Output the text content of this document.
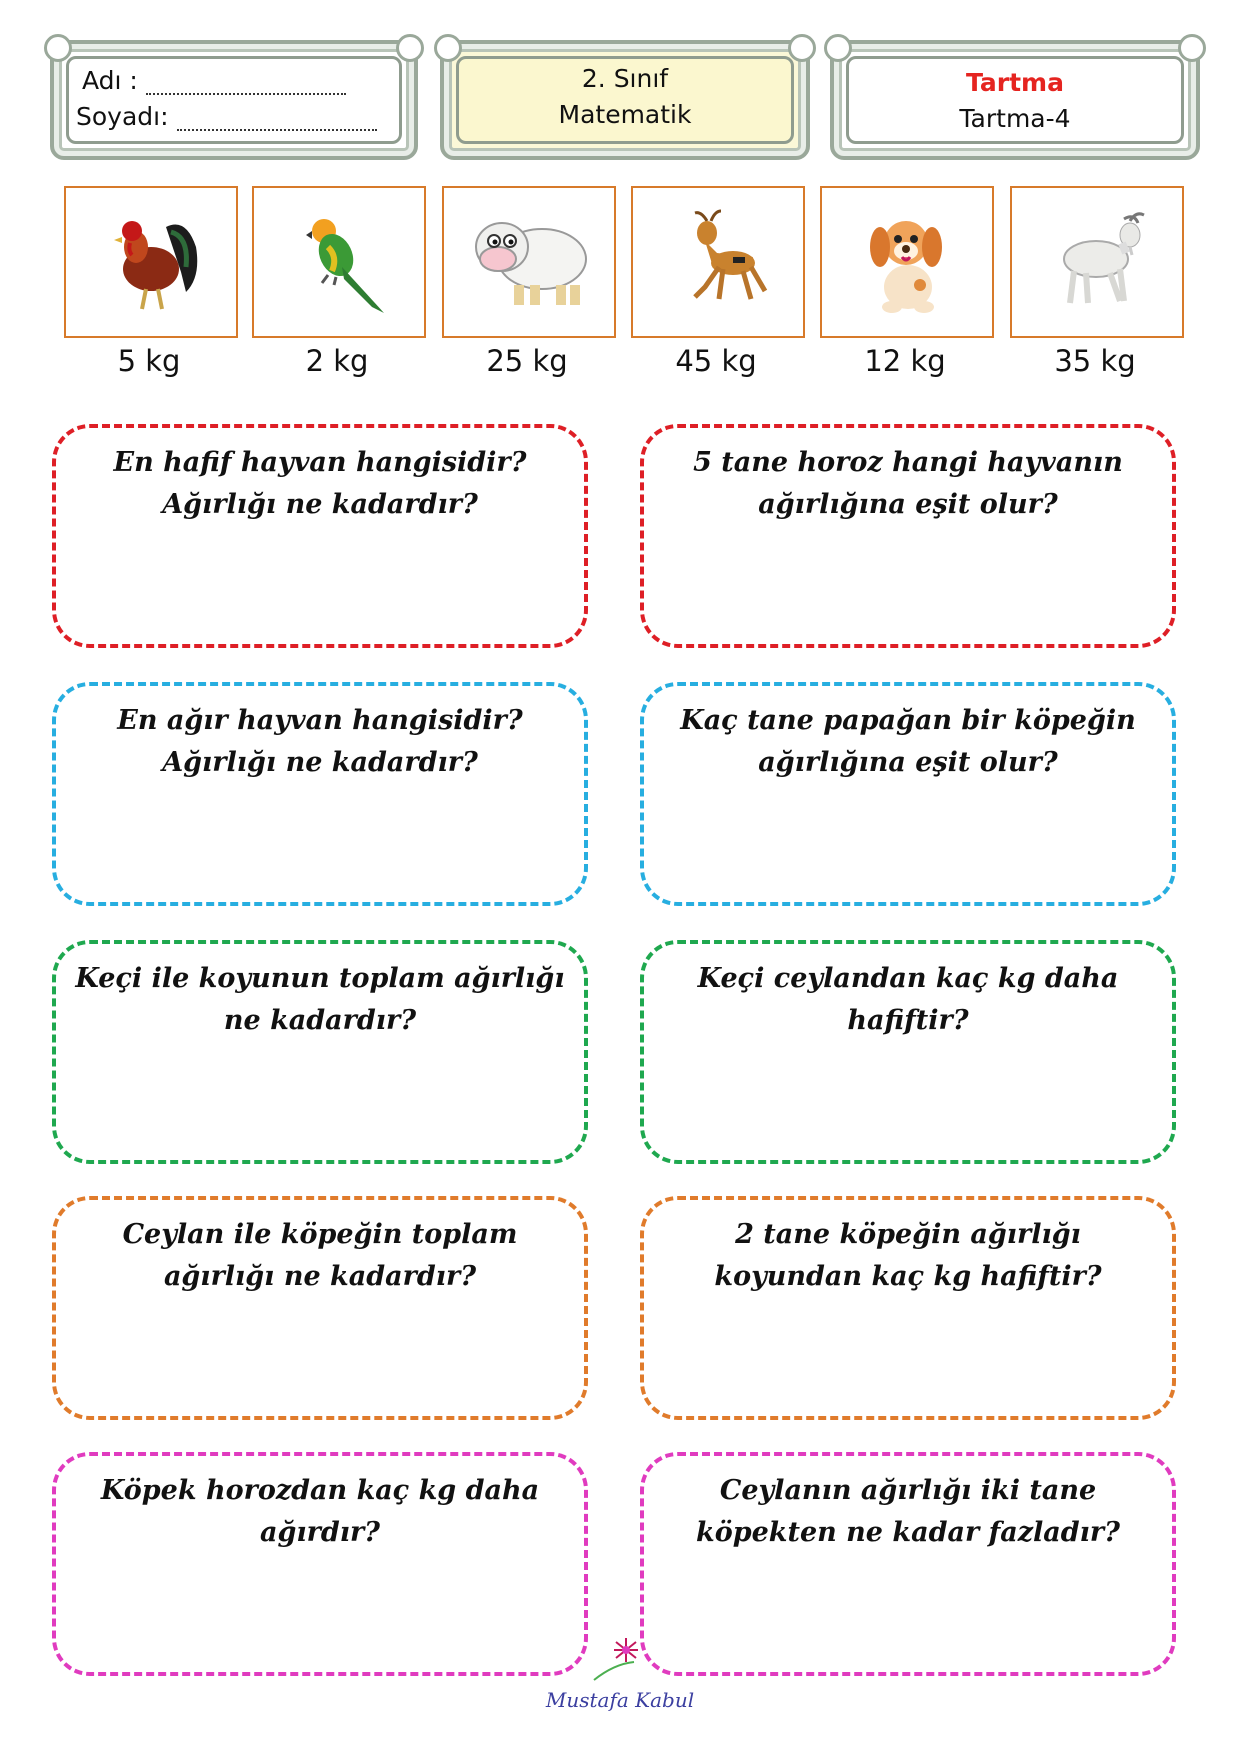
Adı :
Soyadı:
2. Sınıf
Matematik
Tartma
Tartma-4
5 kg	2 kg	25 kg	45 kg	12 kg	35 kg
En hafif hayvan hangisidir? Ağırlığı ne kadardır?
5 tane horoz hangi hayvanın ağırlığına eşit olur?
En ağır hayvan hangisidir? Ağırlığı ne kadardır?
Kaç tane papağan bir köpeğin ağırlığına eşit olur?
Keçi ile koyunun toplam ağırlığı ne kadardır?
Keçi ceylandan kaç kg daha hafiftir?
Ceylan ile köpeğin toplam ağırlığı ne kadardır?
2 tane köpeğin ağırlığı koyundan kaç kg hafiftir?
Köpek horozdan kaç kg daha ağırdır?
Ceylanın ağırlığı iki tane köpekten ne kadar fazladır?
Mustafa Kabul
